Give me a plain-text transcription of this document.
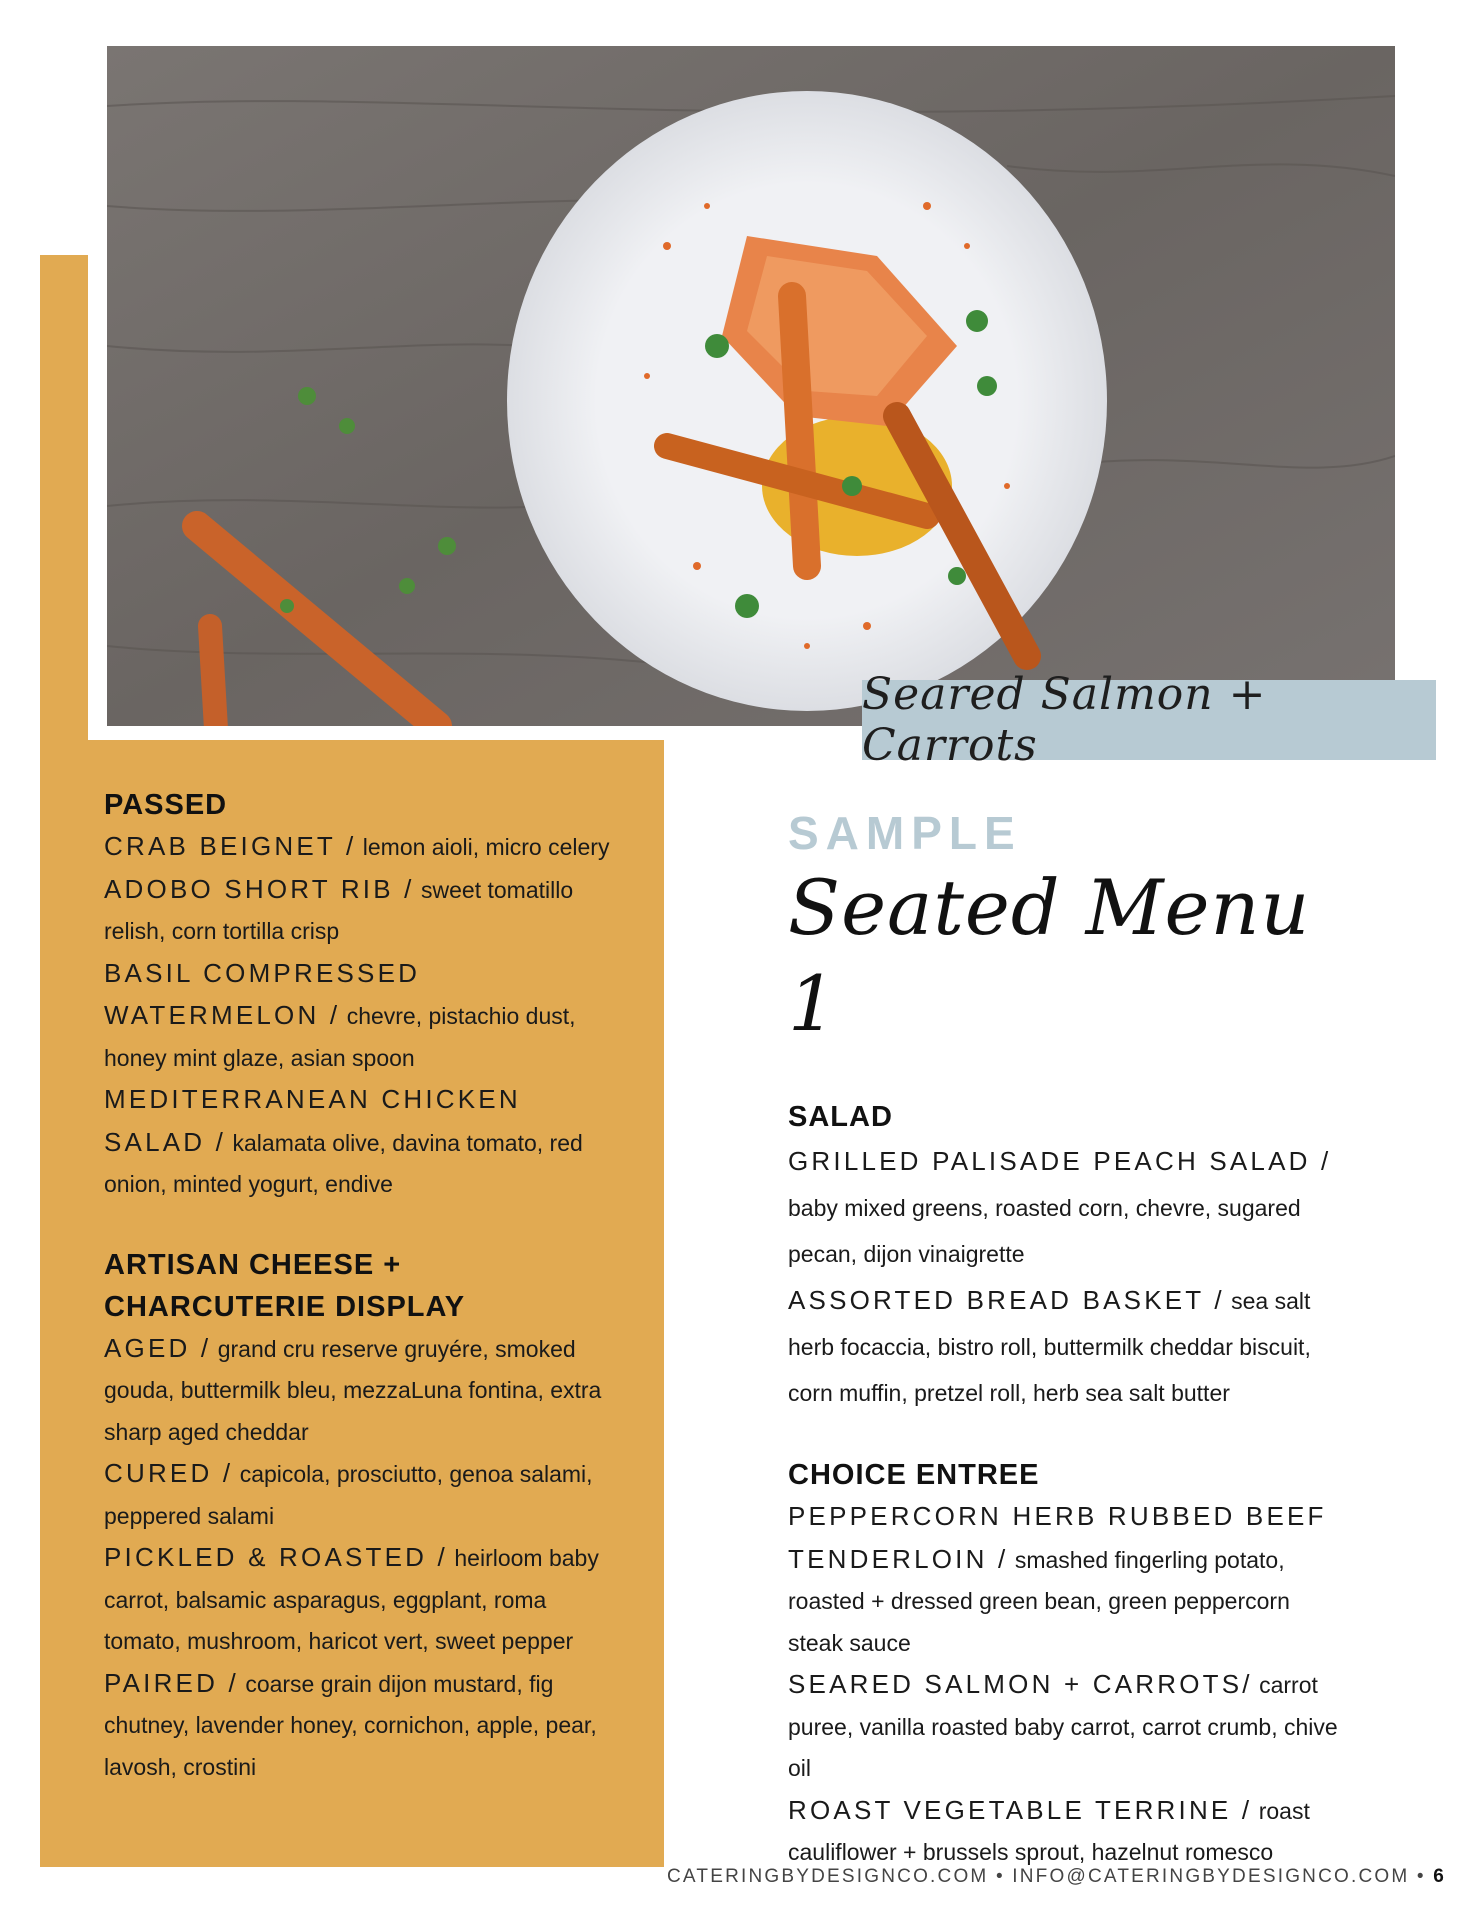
Seared Salmon + Carrots
PASSED

CRAB BEIGNET / lemon aioli, micro celery

ADOBO SHORT RIB / sweet tomatillo relish, corn tortilla crisp

BASIL COMPRESSED WATERMELON / chevre, pistachio dust, honey mint glaze, asian spoon

MEDITERRANEAN CHICKEN SALAD / kalamata olive, davina tomato, red onion, minted yogurt, endive

ARTISAN CHEESE + CHARCUTERIE DISPLAY

AGED / grand cru reserve gruyére, smoked gouda, buttermilk bleu, mezzaLuna fontina, extra sharp aged cheddar

CURED / capicola, prosciutto, genoa salami, peppered salami

PICKLED & ROASTED / heirloom baby carrot, balsamic asparagus, eggplant, roma tomato, mushroom, haricot vert, sweet pepper

PAIRED / coarse grain dijon mustard, fig chutney, lavender honey, cornichon, apple, pear, lavosh, crostini

SAMPLE
Seated Menu 1
SALAD

GRILLED PALISADE PEACH SALAD / baby mixed greens, roasted corn, chevre, sugared pecan, dijon vinaigrette

ASSORTED BREAD BASKET / sea salt herb focaccia, bistro roll, buttermilk cheddar biscuit, corn muffin, pretzel roll, herb sea salt butter

CHOICE ENTREE

PEPPERCORN HERB RUBBED BEEF TENDERLOIN / smashed fingerling potato, roasted + dressed green bean, green peppercorn steak sauce

SEARED SALMON + CARROTS/ carrot puree, vanilla roasted baby carrot, carrot crumb, chive oil

ROAST VEGETABLE TERRINE / roast cauliflower + brussels sprout, hazelnut romesco

CATERINGBYDESIGNCO.COM • INFO@CATERINGBYDESIGNCO.COM • 6
